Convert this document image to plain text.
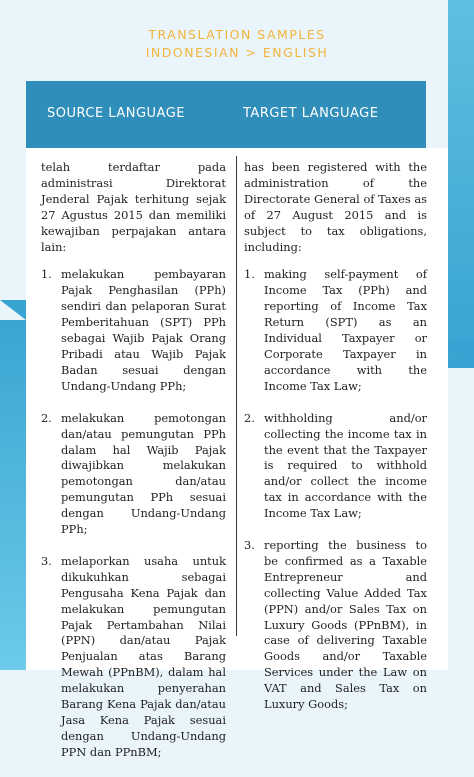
TRANSLATION SAMPLES
INDONESIAN > ENGLISH
SOURCE LANGUAGE	TARGET LANGUAGE

telah terdaftar pada administrasi Direktorat Jenderal Pajak terhitung sejak 27 Agustus 2015 dan memiliki kewajiban perpajakan antara lain:

1. melakukan pembayaran Pajak Penghasilan (PPh) sendiri dan pelaporan Surat Pemberitahuan (SPT) PPh sebagai Wajib Pajak Orang Pribadi atau Wajib Pajak Badan sesuai dengan Undang-Undang PPh;
2. melakukan pemotongan dan/atau pemungutan PPh dalam hal Wajib Pajak diwajibkan melakukan pemotongan dan/atau pemungutan PPh sesuai dengan Undang-Undang PPh;
3. melaporkan usaha untuk dikukuhkan sebagai Pengusaha Kena Pajak dan melakukan pemungutan Pajak Pertambahan Nilai (PPN) dan/atau Pajak Penjualan atas Barang Mewah (PPnBM), dalam hal melakukan penyerahan Barang Kena Pajak dan/atau Jasa Kena Pajak sesuai dengan Undang-Undang PPN dan PPnBM;

has been registered with the administration of the Directorate General of Taxes as of 27 August 2015 and is subject to tax obligations, including:

1. making self-payment of Income Tax (PPh) and reporting of Income Tax Return (SPT) as an Individual Taxpayer or Corporate Taxpayer in accordance with the Income Tax Law;
2. withholding and/or collecting the income tax in the event that the Taxpayer is required to withhold and/or collect the income tax in accordance with the Income Tax Law;
3. reporting the business to be confirmed as a Taxable Entrepreneur and collecting Value Added Tax (PPN) and/or Sales Tax on Luxury Goods (PPnBM), in case of delivering Taxable Goods and/or Taxable Services under the Law on VAT and Sales Tax on Luxury Goods;
